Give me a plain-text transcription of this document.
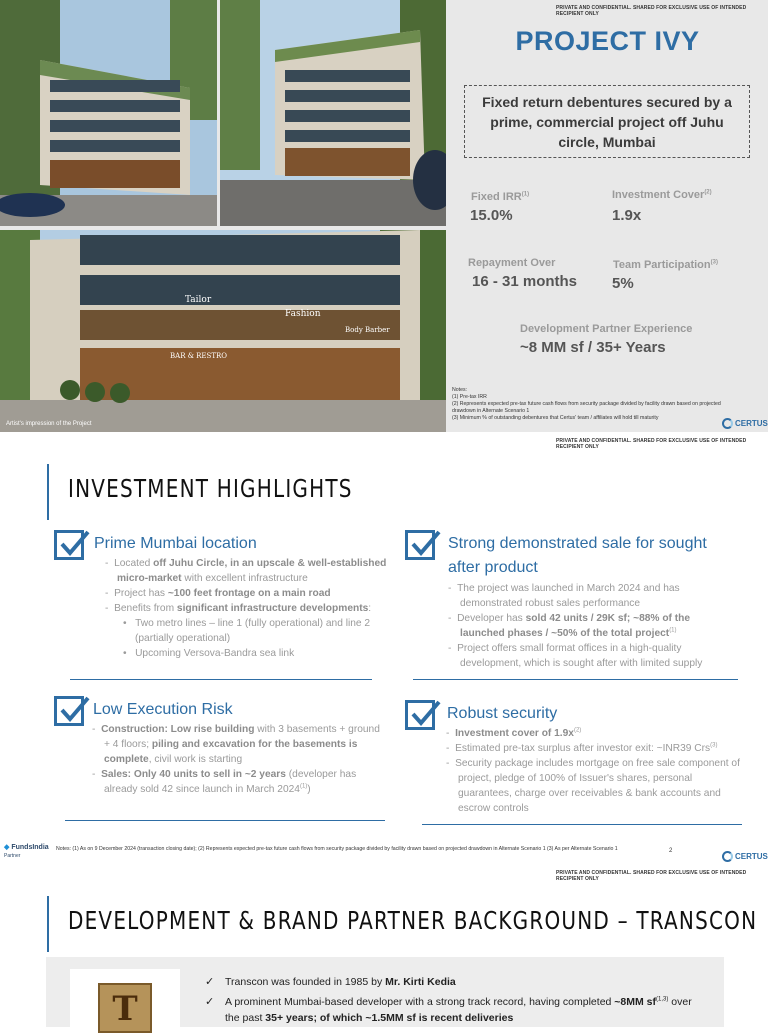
Tailor
Fashion
Body Barber
BAR & RESTRO
Artist's impression of the Project
PRIVATE AND CONFIDENTIAL. SHARED FOR EXCLUSIVE USE OF INTENDED RECIPIENT ONLY
PROJECT IVY
Fixed return debentures secured by a prime, commercial project off Juhu circle, Mumbai
Fixed IRR$^{(1)}$
15.0%
Investment Cover$^{(2)}$
1.9x
Repayment Over
16 - 31 months
Team Participation$^{(3)}$
5%
Development Partner Experience
~8 MM sf / 35+ Years
Notes:
(1) Pre-tax IRR
(2) Represents expected pre-tax future cash flows from security package divided by facility drawn based on projected drawdown in Alternate Scenario 1
(3) Minimum % of outstanding debentures that Certus' team / affiliates will hold till maturity
CERTUS
PRIVATE AND CONFIDENTIAL. SHARED FOR EXCLUSIVE USE OF INTENDED RECIPIENT ONLY
INVESTMENT HIGHLIGHTS
Prime Mumbai location
-  Located off Juhu Circle, in an upscale & well-established micro-market with excellent infrastructure
-  Project has ~100 feet frontage on a main road
-  Benefits from significant infrastructure developments:
•   Two metro lines – line 1 (fully operational) and line 2 (partially operational)
•   Upcoming Versova-Bandra sea link
Strong demonstrated sale for sought after product
-  The project was launched in March 2024 and has demonstrated robust sales performance
-  Developer has sold 42 units / 29K sf; ~88% of the launched phases / ~50% of the total project$^{(1)}$
-  Project offers small format offices in a high-quality development, which is sought after with limited supply
Low Execution Risk
-  Construction: Low rise building with 3 basements + ground + 4 floors; piling and excavation for the basements is complete, civil work is starting
-  Sales: Only 40 units to sell in ~2 years (developer has already sold 42 since launch in March 2024$^{(1)}$)
Robust security
-  Investment cover of $1.9x^{(2)}$
-  Estimated pre-tax surplus after investor exit: ~INR39 Crs$^{(3)}$
-  Security package includes mortgage on free sale component of project, pledge of 100% of Issuer's shares, personal guarantees, charge over receivables & bank accounts and escrow controls
◆ FundsIndia
Partner
Notes: (1) As on 9 December 2024 (transaction closing date); (2) Represents expected pre-tax future cash flows from security package divided by facility drawn based on projected drawdown in Alternate Scenario 1 (3) As per Alternate Scenario 1	2
CERTUS
PRIVATE AND CONFIDENTIAL. SHARED FOR EXCLUSIVE USE OF INTENDED RECIPIENT ONLY
DEVELOPMENT & BRAND PARTNER BACKGROUND – TRANSCON
T
✓	Transcon was founded in 1985 by Mr. Kirti Kedia
✓	A prominent Mumbai-based developer with a strong track record, having completed ~8MM sf$^{(1,3)}$ over the past 35+ years; of which ~1.5MM sf is recent deliveries
